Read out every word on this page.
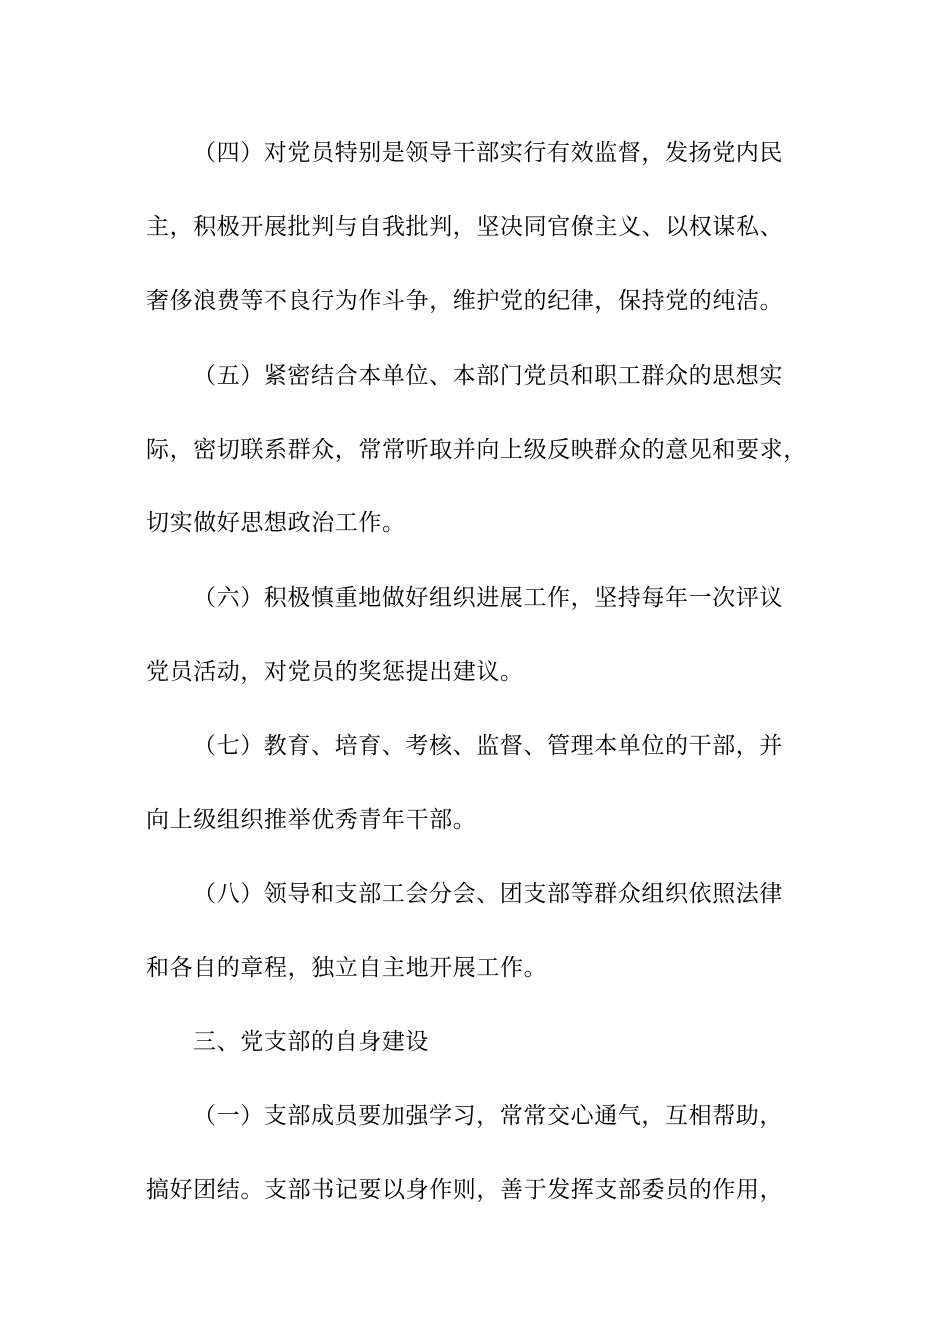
（四）对党员特别是领导干部实行有效监督，发扬党内民
主，积极开展批判与自我批判，坚决同官僚主义、以权谋私、
奢侈浪费等不良行为作斗争，维护党的纪律，保持党的纯洁。
（五）紧密结合本单位、本部门党员和职工群众的思想实
际，密切联系群众，常常听取并向上级反映群众的意见和要求，
切实做好思想政治工作。
（六）积极慎重地做好组织进展工作，坚持每年一次评议
党员活动，对党员的奖惩提出建议。
（七）教育、培育、考核、监督、管理本单位的干部，并
向上级组织推举优秀青年干部。
（八）领导和支部工会分会、团支部等群众组织依照法律
和各自的章程，独立自主地开展工作。
三、党支部的自身建设
（一）支部成员要加强学习，常常交心通气，互相帮助，
搞好团结。支部书记要以身作则，善于发挥支部委员的作用，
